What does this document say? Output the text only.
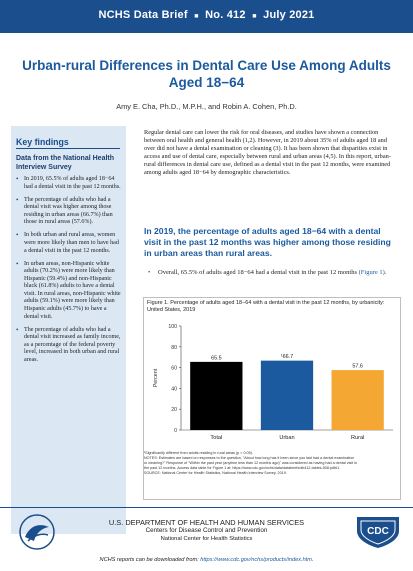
NCHS Data Brief ■ No. 412 ■ July 2021
Urban-rural Differences in Dental Care Use Among Adults Aged 18−64
Amy E. Cha, Ph.D., M.P.H., and Robin A. Cohen, Ph.D.
Key findings
Data from the National Health Interview Survey
• In 2019, 65.5% of adults aged 18−64 had a dental visit in the past 12 months.
• The percentage of adults who had a dental visit was higher among those residing in urban areas (66.7%) than those in rural areas (57.6%).
• In both urban and rural areas, women were more likely than men to have had a dental visit in the past 12 months.
• In urban areas, non-Hispanic white adults (70.2%) were more likely than Hispanic (59.4%) and non-Hispanic black (61.8%) adults to have a dental visit. In rural areas, non-Hispanic white adults (59.1%) were more likely than Hispanic adults (45.7%) to have a dental visit.
• The percentage of adults who had a dental visit increased as family income, as a percentage of the federal poverty level, increased in both urban and rural areas.
Regular dental care can lower the risk for oral diseases, and studies have shown a connection between oral health and general health (1,2). However, in 2019 about 35% of adults aged 18 and over did not have a dental examination or cleaning (3). It has been shown that disparities exist in access and use of dental care, especially between rural and urban areas (4,5). In this report, urban-rural differences in dental care use, defined as a dental visit in the past 12 months, were examined among adults aged 18−64 by demographic characteristics.
In 2019, the percentage of adults aged 18−64 with a dental visit in the past 12 months was higher among those residing in urban areas than rural areas.
•	Overall, 65.5% of adults aged 18−64 had a dental visit in the past 12 months (Figure 1).
Figure 1. Percentage of adults aged 18−64 with a dental visit in the past 12 months, by urbanicity: United States, 2019
0
20
40
60
80
100
Percent
65.5
Total
¹66.7
Urban
57.6
Rural
¹Significantly different from adults residing in rural areas (p < 0.05).
NOTES: Estimates are based on responses to the question, "About how long has it been since you last had a dental examination
or cleaning?" Response of "Within the past year (anytime less than 12 months ago)" was considered as having had a dental visit in
the past 12 months. Access data table for Figure 1 at: https://www.cdc.gov/nchs/data/databriefs/db412-tables-508.pdf#1.
SOURCE: National Center for Health Statistics, National Health Interview Survey, 2019.
U.S. DEPARTMENT OF HEALTH AND HUMAN SERVICES
Centers for Disease Control and Prevention
National Center for Health Statistics
CDC
NCHS reports can be downloaded from: https://www.cdc.gov/nchs/products/index.htm.
